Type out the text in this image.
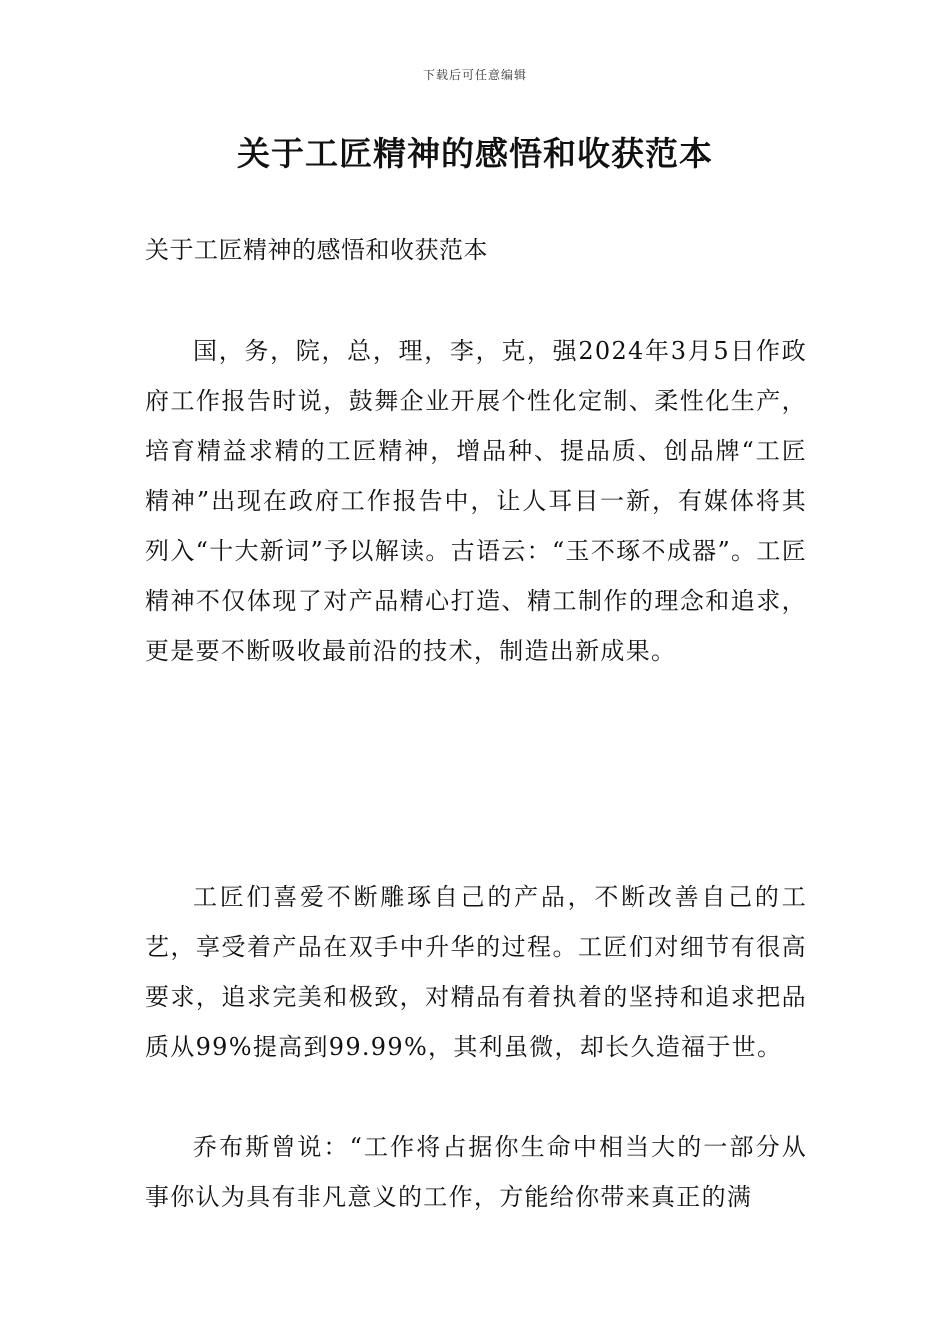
下载后可任意编辑
关于工匠精神的感悟和收获范本

关于工匠精神的感悟和收获范本

国，务，院，总，理，李，克，强2024年3月5日作政府工作报告时说，鼓舞企业开展个性化定制、柔性化生产，培育精益求精的工匠精神，增品种、提品质、创品牌“工匠精神”出现在政府工作报告中，让人耳目一新，有媒体将其列入“十大新词”予以解读。古语云：“玉不琢不成器”。工匠精神不仅体现了对产品精心打造、精工制作的理念和追求，更是要不断吸收最前沿的技术，制造出新成果。

工匠们喜爱不断雕琢自己的产品，不断改善自己的工艺，享受着产品在双手中升华的过程。工匠们对细节有很高要求，追求完美和极致，对精品有着执着的坚持和追求把品质从99%提高到99.99%，其利虽微，却长久造福于世。

乔布斯曾说：“工作将占据你生命中相当大的一部分从事你认为具有非凡意义的工作，方能给你带来真正的满
